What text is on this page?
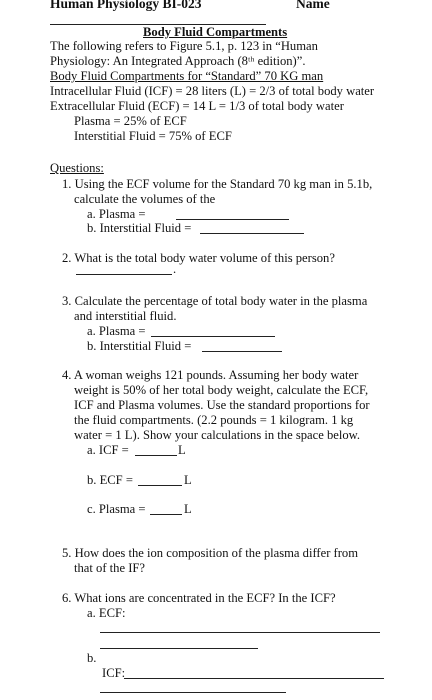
Human Physiology BI-023	Name
Body Fluid Compartments
The following refers to Figure 5.1, p. 123 in “Human
Physiology: An Integrated Approach (8ᵗʰ edition)”.
Body Fluid Compartments for “Standard” 70 KG man
Intracellular Fluid (ICF) = 28 liters (L) = 2/3 of total body water
Extracellular Fluid (ECF) = 14 L = 1/3 of total body water
Plasma = 25% of ECF
Interstitial Fluid = 75% of ECF
Questions:
1. Using the ECF volume for the Standard 70 kg man in 5.1b,
calculate the volumes of the
a. Plasma =
b. Interstitial Fluid =
2. What is the total body water volume of this person?
.
3. Calculate the percentage of total body water in the plasma
and interstitial fluid.
a. Plasma =
b. Interstitial Fluid =
4. A woman weighs 121 pounds. Assuming her body water
weight is 50% of her total body weight, calculate the ECF,
ICF and Plasma volumes. Use the standard proportions for
the fluid compartments. (2.2 pounds = 1 kilogram. 1 kg
water = 1 L). Show your calculations in the space below.
a. ICF =	L
b. ECF =	L
c. Plasma =	L
5. How does the ion composition of the plasma differ from
that of the IF?
6. What ions are concentrated in the ECF? In the ICF?
a. ECF:
b.
ICF:
